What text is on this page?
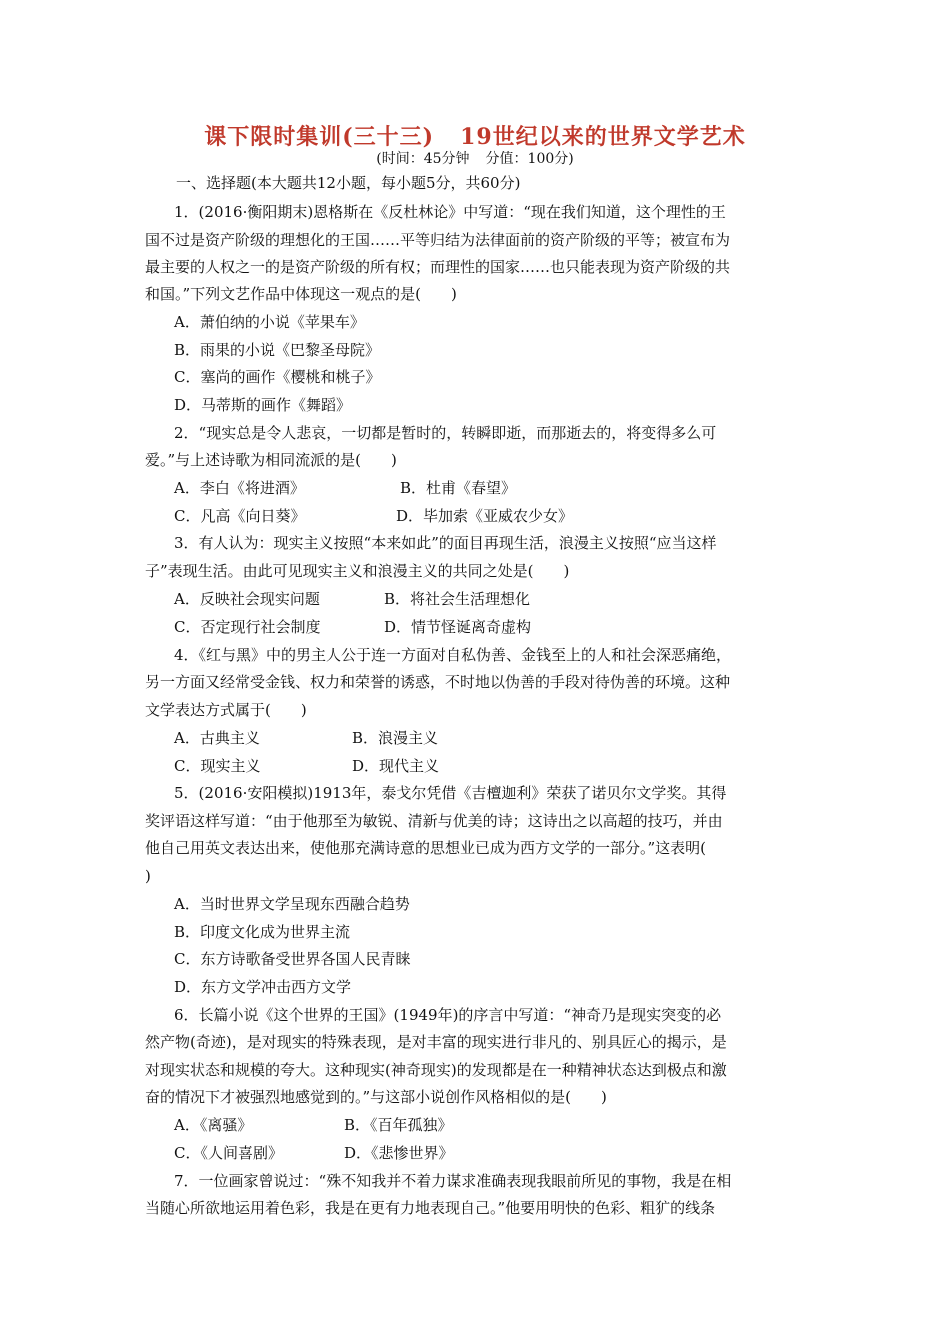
课下限时集训(三十三) 19世纪以来的世界文学艺术
(时间：45分钟 分值：100分)
一、选择题(本大题共12小题，每小题5分，共60分)
1．(2016·衡阳期末)恩格斯在《反杜林论》中写道：“现在我们知道，这个理性的王
国不过是资产阶级的理想化的王国……平等归结为法律面前的资产阶级的平等；被宣布为
最主要的人权之一的是资产阶级的所有权；而理性的国家……也只能表现为资产阶级的共
和国。”下列文艺作品中体现这一观点的是(　　)
A．萧伯纳的小说《苹果车》
B．雨果的小说《巴黎圣母院》
C．塞尚的画作《樱桃和桃子》
D．马蒂斯的画作《舞蹈》
2．“现实总是令人悲哀，一切都是暂时的，转瞬即逝，而那逝去的，将变得多么可
爱。”与上述诗歌为相同流派的是(　　)
A．李白《将进酒》	B．杜甫《春望》
C．凡高《向日葵》	D．毕加索《亚威农少女》
3．有人认为：现实主义按照“本来如此”的面目再现生活，浪漫主义按照“应当这样
子”表现生活。由此可见现实主义和浪漫主义的共同之处是(　　)
A．反映社会现实问题	B．将社会生活理想化
C．否定现行社会制度	D．情节怪诞离奇虚构
4．《红与黑》中的男主人公于连一方面对自私伪善、金钱至上的人和社会深恶痛绝，
另一方面又经常受金钱、权力和荣誉的诱惑，不时地以伪善的手段对待伪善的环境。这种
文学表达方式属于(　　)
A．古典主义	B．浪漫主义
C．现实主义	D．现代主义
5．(2016·安阳模拟)1913年，泰戈尔凭借《吉檀迦利》荣获了诺贝尔文学奖。其得
奖评语这样写道：“由于他那至为敏锐、清新与优美的诗；这诗出之以高超的技巧，并由
他自己用英文表达出来，使他那充满诗意的思想业已成为西方文学的一部分。”这表明(
)
A．当时世界文学呈现东西融合趋势
B．印度文化成为世界主流
C．东方诗歌备受世界各国人民青睐
D．东方文学冲击西方文学
6．长篇小说《这个世界的王国》(1949年)的序言中写道：“神奇乃是现实突变的必
然产物(奇迹)，是对现实的特殊表现，是对丰富的现实进行非凡的、别具匠心的揭示，是
对现实状态和规模的夸大。这种现实(神奇现实)的发现都是在一种精神状态达到极点和激
奋的情况下才被强烈地感觉到的。”与这部小说创作风格相似的是(　　)
A．《离骚》	B．《百年孤独》
C．《人间喜剧》	D．《悲惨世界》
7．一位画家曾说过：“殊不知我并不着力谋求准确表现我眼前所见的事物，我是在相
当随心所欲地运用着色彩，我是在更有力地表现自己。”他要用明快的色彩、粗犷的线条
